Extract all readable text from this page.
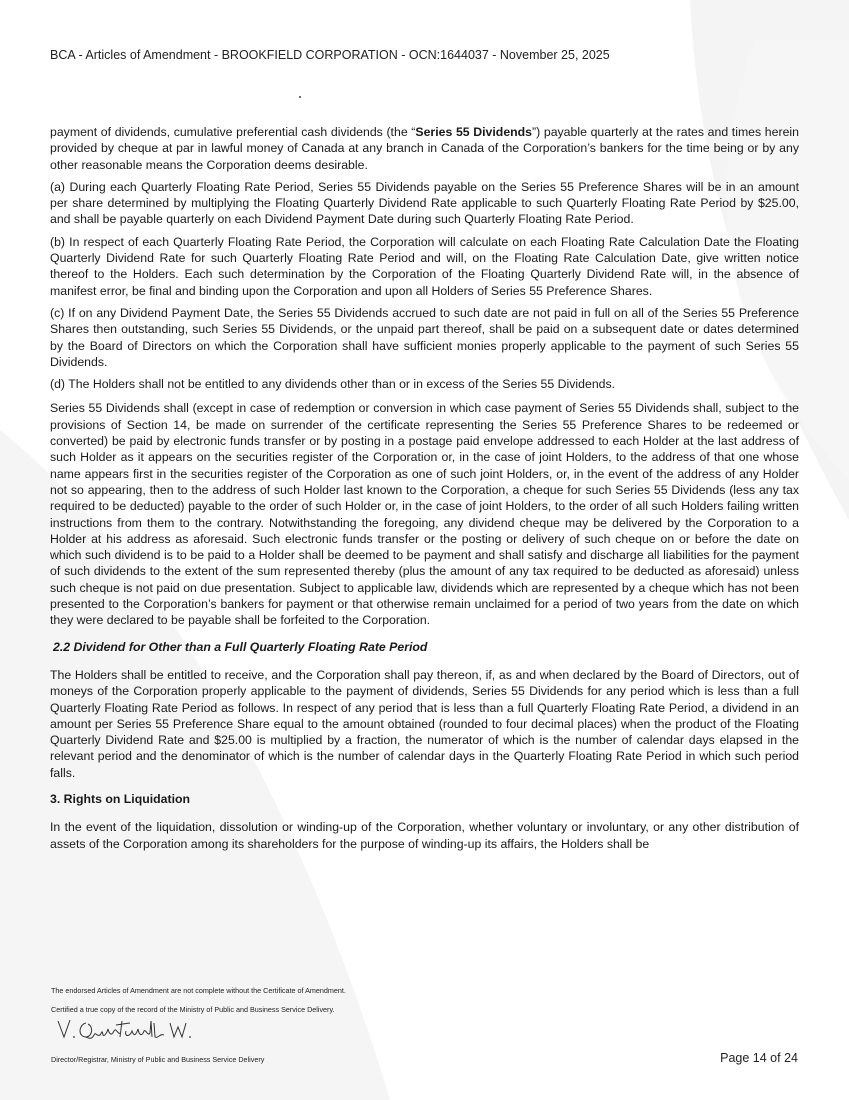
BCA - Articles of Amendment - BROOKFIELD CORPORATION - OCN:1644037 - November 25, 2025

payment of dividends, cumulative preferential cash dividends (the “Series 55 Dividends”) payable quarterly at the rates and times herein provided by cheque at par in lawful money of Canada at any branch in Canada of the Corporation’s bankers for the time being or by any other reasonable means the Corporation deems desirable.

(a) During each Quarterly Floating Rate Period, Series 55 Dividends payable on the Series 55 Preference Shares will be in an amount per share determined by multiplying the Floating Quarterly Dividend Rate applicable to such Quarterly Floating Rate Period by $25.00, and shall be payable quarterly on each Dividend Payment Date during such Quarterly Floating Rate Period.

(b) In respect of each Quarterly Floating Rate Period, the Corporation will calculate on each Floating Rate Calculation Date the Floating Quarterly Dividend Rate for such Quarterly Floating Rate Period and will, on the Floating Rate Calculation Date, give written notice thereof to the Holders. Each such determination by the Corporation of the Floating Quarterly Dividend Rate will, in the absence of manifest error, be final and binding upon the Corporation and upon all Holders of Series 55 Preference Shares.

(c) If on any Dividend Payment Date, the Series 55 Dividends accrued to such date are not paid in full on all of the Series 55 Preference Shares then outstanding, such Series 55 Dividends, or the unpaid part thereof, shall be paid on a subsequent date or dates determined by the Board of Directors on which the Corporation shall have sufficient monies properly applicable to the payment of such Series 55 Dividends.

(d) The Holders shall not be entitled to any dividends other than or in excess of the Series 55 Dividends.

Series 55 Dividends shall (except in case of redemption or conversion in which case payment of Series 55 Dividends shall, subject to the provisions of Section 14, be made on surrender of the certificate representing the Series 55 Preference Shares to be redeemed or converted) be paid by electronic funds transfer or by posting in a postage paid envelope addressed to each Holder at the last address of such Holder as it appears on the securities register of the Corporation or, in the case of joint Holders, to the address of that one whose name appears first in the securities register of the Corporation as one of such joint Holders, or, in the event of the address of any Holder not so appearing, then to the address of such Holder last known to the Corporation, a cheque for such Series 55 Dividends (less any tax required to be deducted) payable to the order of such Holder or, in the case of joint Holders, to the order of all such Holders failing written instructions from them to the contrary. Notwithstanding the foregoing, any dividend cheque may be delivered by the Corporation to a Holder at his address as aforesaid. Such electronic funds transfer or the posting or delivery of such cheque on or before the date on which such dividend is to be paid to a Holder shall be deemed to be payment and shall satisfy and discharge all liabilities for the payment of such dividends to the extent of the sum represented thereby (plus the amount of any tax required to be deducted as aforesaid) unless such cheque is not paid on due presentation. Subject to applicable law, dividends which are represented by a cheque which has not been presented to the Corporation’s bankers for payment or that otherwise remain unclaimed for a period of two years from the date on which they were declared to be payable shall be forfeited to the Corporation.

2.2 Dividend for Other than a Full Quarterly Floating Rate Period

The Holders shall be entitled to receive, and the Corporation shall pay thereon, if, as and when declared by the Board of Directors, out of moneys of the Corporation properly applicable to the payment of dividends, Series 55 Dividends for any period which is less than a full Quarterly Floating Rate Period as follows. In respect of any period that is less than a full Quarterly Floating Rate Period, a dividend in an amount per Series 55 Preference Share equal to the amount obtained (rounded to four decimal places) when the product of the Floating Quarterly Dividend Rate and $25.00 is multiplied by a fraction, the numerator of which is the number of calendar days elapsed in the relevant period and the denominator of which is the number of calendar days in the Quarterly Floating Rate Period in which such period falls.

3. Rights on Liquidation

In the event of the liquidation, dissolution or winding-up of the Corporation, whether voluntary or involuntary, or any other distribution of assets of the Corporation among its shareholders for the purpose of winding-up its affairs, the Holders shall be

The endorsed Articles of Amendment are not complete without the Certificate of Amendment.
Certified a true copy of the record of the Ministry of Public and Business Service Delivery.
Director/Registrar, Ministry of Public and Business Service Delivery	Page 14 of 24
